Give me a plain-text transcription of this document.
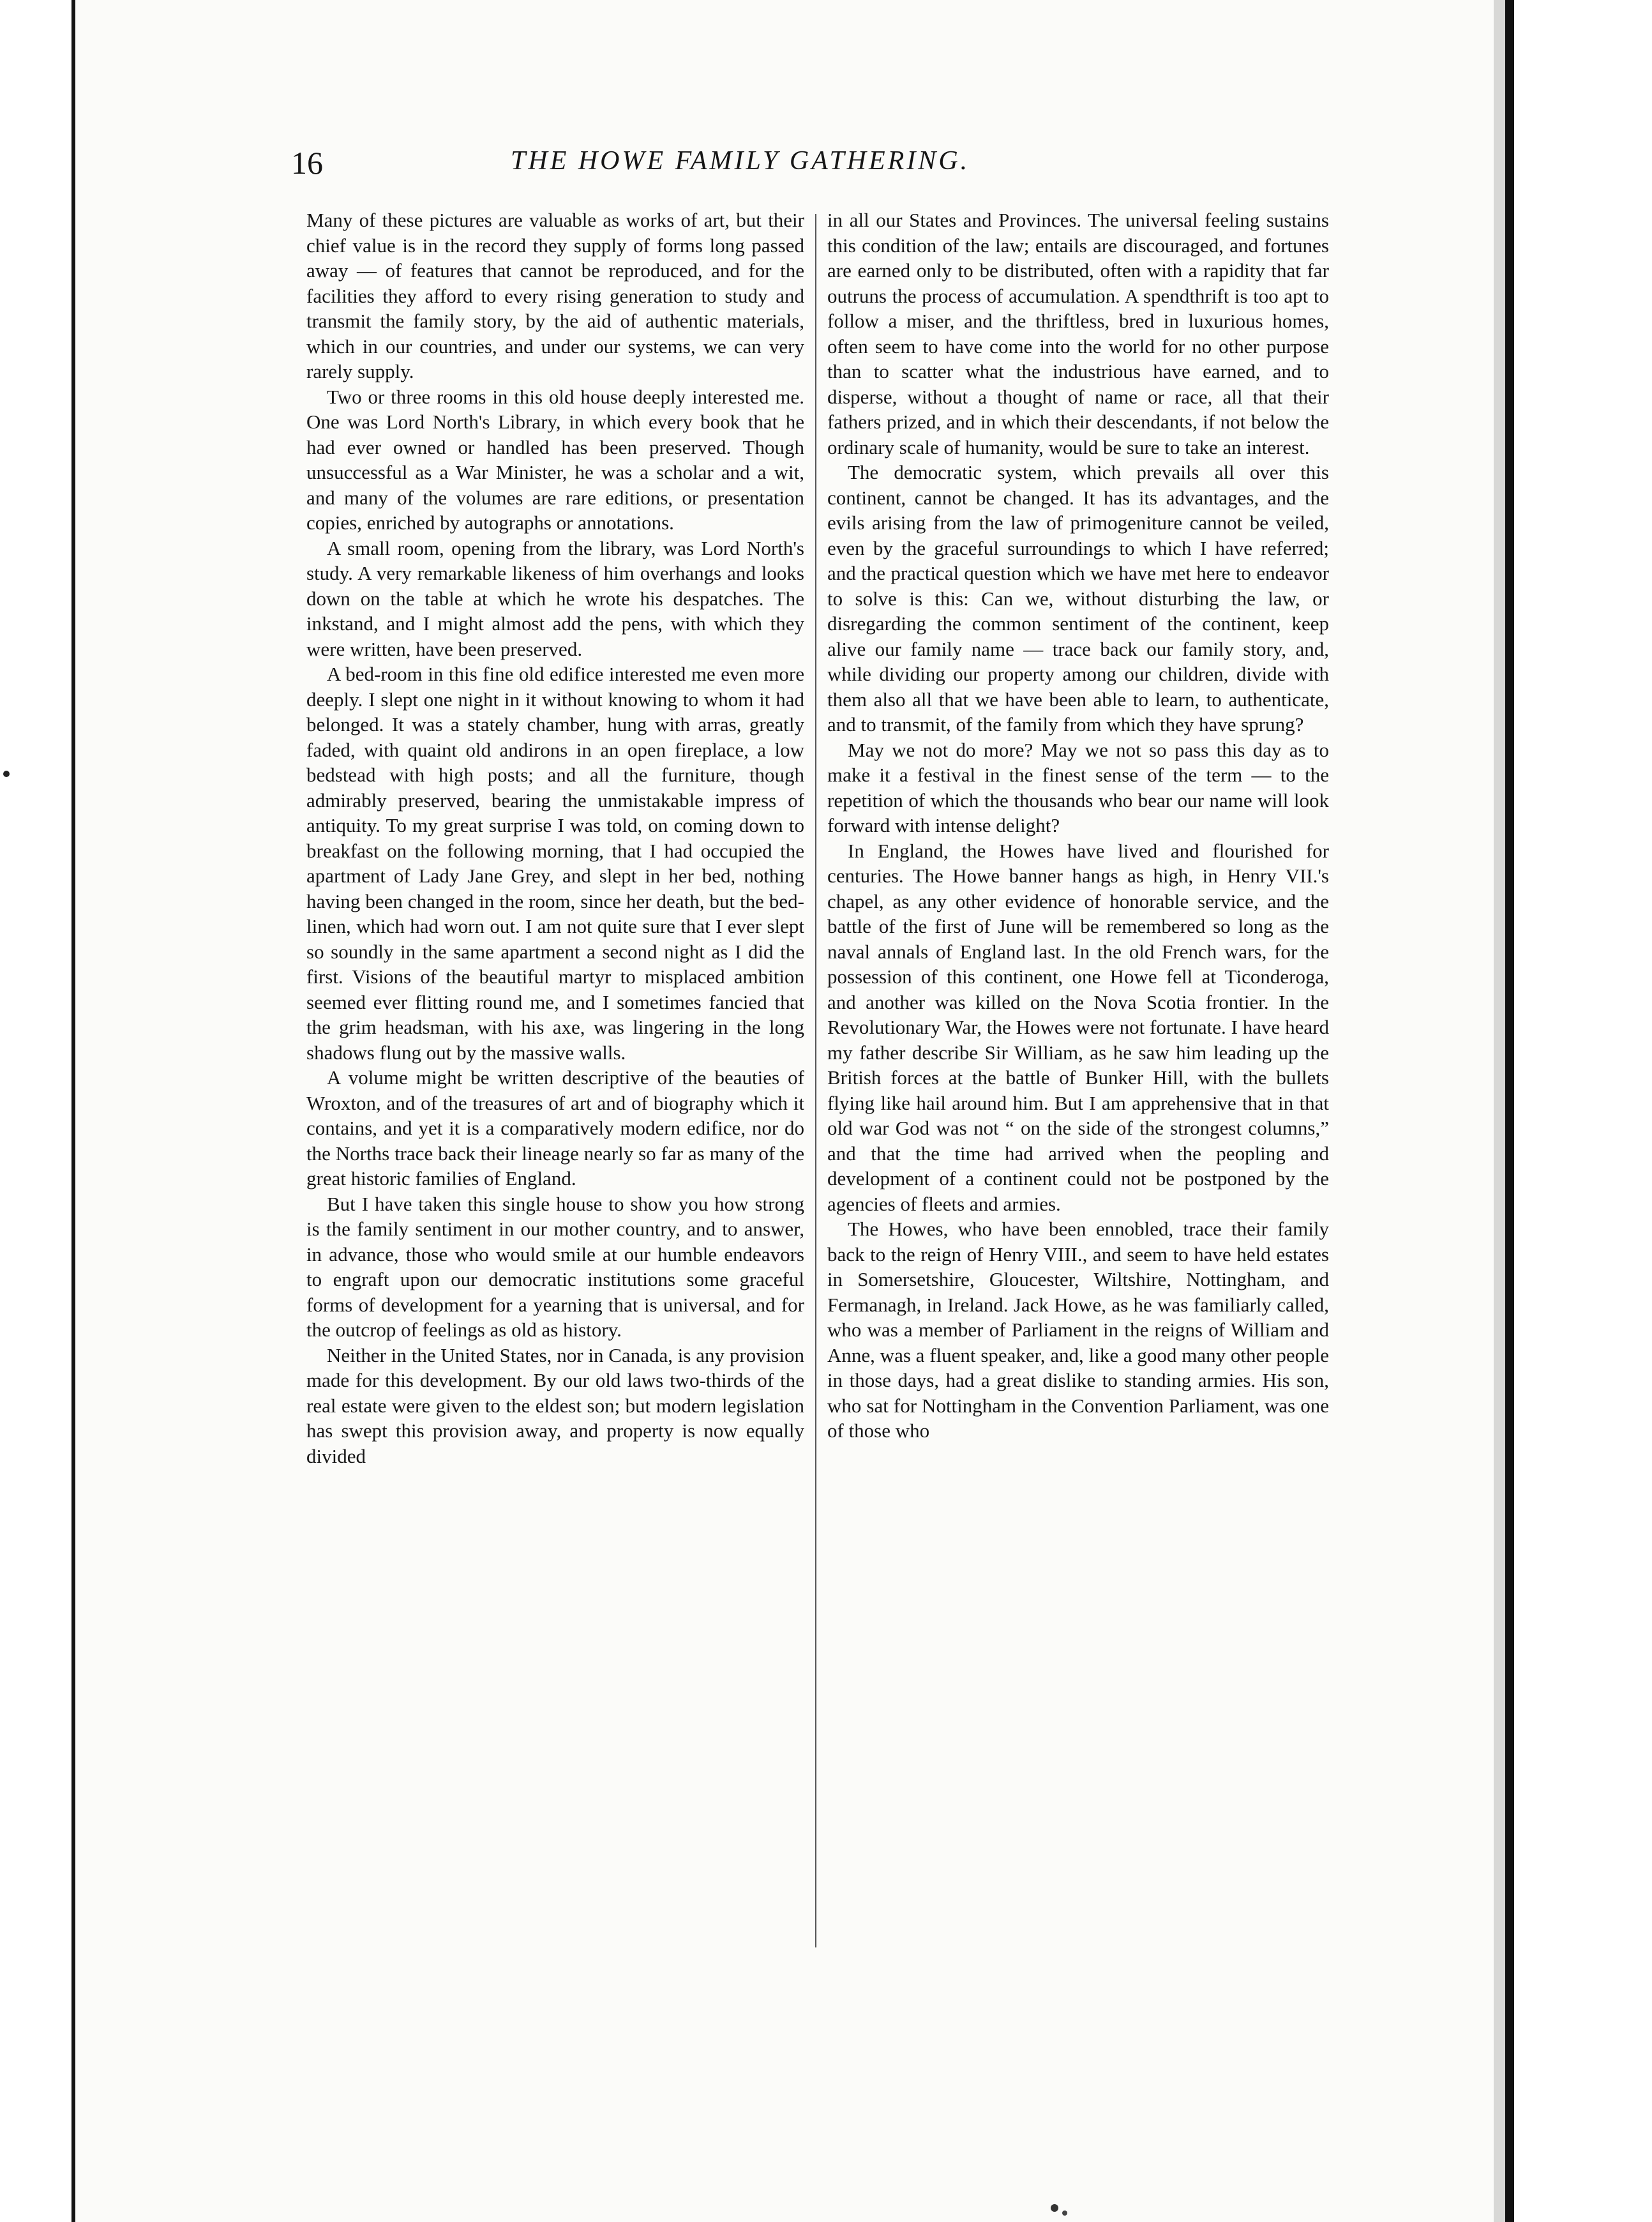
16	THE HOWE FAMILY GATHERING.

Many of these pictures are valuable as works of art, but their chief value is in the record they supply of forms long passed away — of features that cannot be reproduced, and for the facilities they afford to every rising generation to study and transmit the family story, by the aid of authentic materials, which in our countries, and under our systems, we can very rarely supply.

Two or three rooms in this old house deeply interested me. One was Lord North's Library, in which every book that he had ever owned or handled has been preserved. Though unsuccessful as a War Minister, he was a scholar and a wit, and many of the volumes are rare editions, or presentation copies, enriched by autographs or annotations.

A small room, opening from the library, was Lord North's study. A very remarkable likeness of him overhangs and looks down on the table at which he wrote his despatches. The inkstand, and I might almost add the pens, with which they were written, have been preserved.

A bed-room in this fine old edifice interested me even more deeply. I slept one night in it without knowing to whom it had belonged. It was a stately chamber, hung with arras, greatly faded, with quaint old andirons in an open fireplace, a low bedstead with high posts; and all the furniture, though admirably preserved, bearing the unmistakable impress of antiquity. To my great surprise I was told, on coming down to breakfast on the following morning, that I had occupied the apartment of Lady Jane Grey, and slept in her bed, nothing having been changed in the room, since her death, but the bed-linen, which had worn out. I am not quite sure that I ever slept so soundly in the same apartment a second night as I did the first. Visions of the beautiful martyr to misplaced ambition seemed ever flitting round me, and I sometimes fancied that the grim headsman, with his axe, was lingering in the long shadows flung out by the massive walls.

A volume might be written descriptive of the beauties of Wroxton, and of the treasures of art and of biography which it contains, and yet it is a comparatively modern edifice, nor do the Norths trace back their lineage nearly so far as many of the great historic families of England.

But I have taken this single house to show you how strong is the family sentiment in our mother country, and to answer, in advance, those who would smile at our humble endeavors to engraft upon our democratic institutions some graceful forms of development for a yearning that is universal, and for the outcrop of feelings as old as history.

Neither in the United States, nor in Canada, is any provision made for this development. By our old laws two-thirds of the real estate were given to the eldest son; but modern legislation has swept this provision away, and property is now equally divided

in all our States and Provinces. The universal feeling sustains this condition of the law; entails are discouraged, and fortunes are earned only to be distributed, often with a rapidity that far outruns the process of accumulation. A spendthrift is too apt to follow a miser, and the thriftless, bred in luxurious homes, often seem to have come into the world for no other purpose than to scatter what the industrious have earned, and to disperse, without a thought of name or race, all that their fathers prized, and in which their descendants, if not below the ordinary scale of humanity, would be sure to take an interest.

The democratic system, which prevails all over this continent, cannot be changed. It has its advantages, and the evils arising from the law of primogeniture cannot be veiled, even by the graceful surroundings to which I have referred; and the practical question which we have met here to endeavor to solve is this: Can we, without disturbing the law, or disregarding the common sentiment of the continent, keep alive our family name — trace back our family story, and, while dividing our property among our children, divide with them also all that we have been able to learn, to authenticate, and to transmit, of the family from which they have sprung?

May we not do more? May we not so pass this day as to make it a festival in the finest sense of the term — to the repetition of which the thousands who bear our name will look forward with intense delight?

In England, the Howes have lived and flourished for centuries. The Howe banner hangs as high, in Henry VII.'s chapel, as any other evidence of honorable service, and the battle of the first of June will be remembered so long as the naval annals of England last. In the old French wars, for the possession of this continent, one Howe fell at Ticonderoga, and another was killed on the Nova Scotia frontier. In the Revolutionary War, the Howes were not fortunate. I have heard my father describe Sir William, as he saw him leading up the British forces at the battle of Bunker Hill, with the bullets flying like hail around him. But I am apprehensive that in that old war God was not “ on the side of the strongest columns,” and that the time had arrived when the peopling and development of a continent could not be postponed by the agencies of fleets and armies.

The Howes, who have been ennobled, trace their family back to the reign of Henry VIII., and seem to have held estates in Somersetshire, Gloucester, Wiltshire, Nottingham, and Fermanagh, in Ireland. Jack Howe, as he was familiarly called, who was a member of Parliament in the reigns of William and Anne, was a fluent speaker, and, like a good many other people in those days, had a great dislike to standing armies. His son, who sat for Nottingham in the Convention Parliament, was one of those who
